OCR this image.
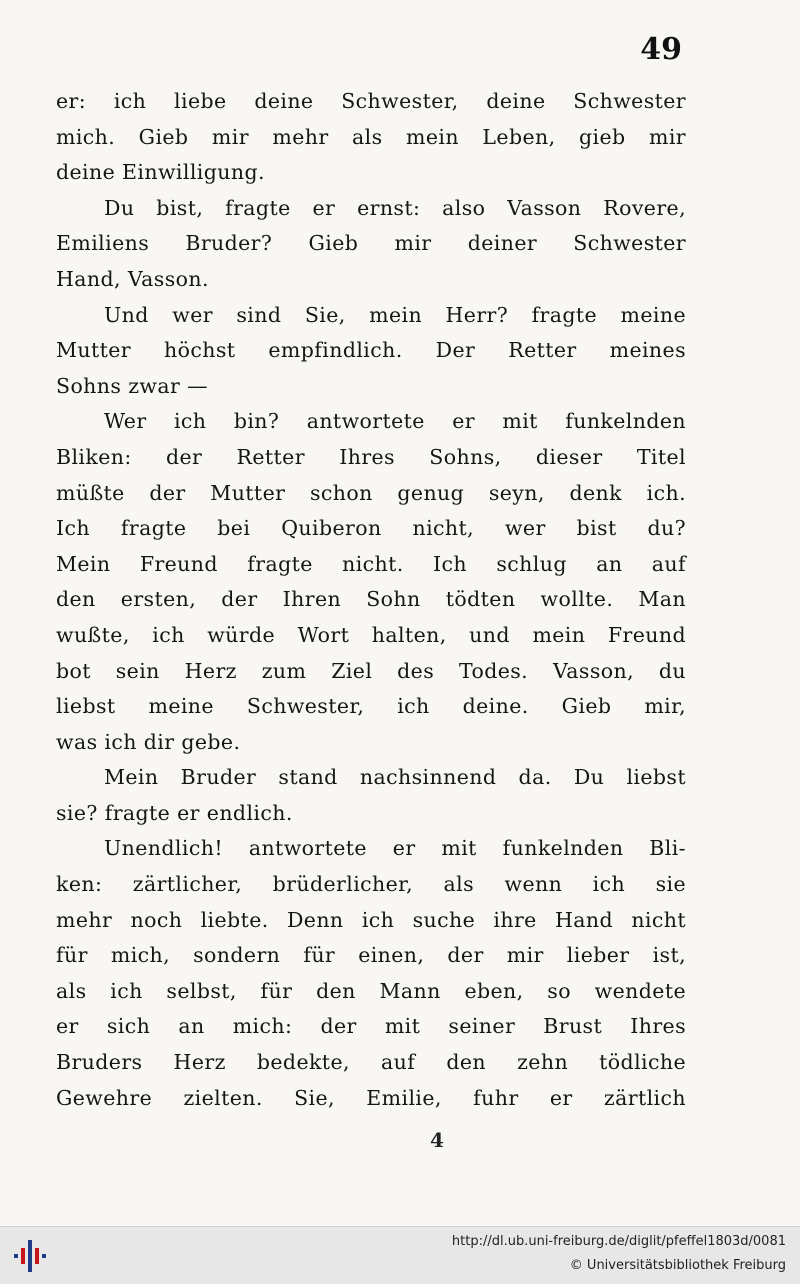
49
er: ich liebe deine Schwester, deine Schwester
mich. Gieb mir mehr als mein Leben, gieb mir
deine Einwilligung.
Du bist, fragte er ernst: also Vasson Rovere,
Emiliens Bruder? Gieb mir deiner Schwester
Hand, Vasson.
Und wer sind Sie, mein Herr? fragte meine
Mutter höchst empfindlich. Der Retter meines
Sohns zwar —
Wer ich bin? antwortete er mit funkelnden
Bliken: der Retter Ihres Sohns, dieser Titel
müßte der Mutter schon genug seyn, denk ich.
Ich fragte bei Quiberon nicht, wer bist du?
Mein Freund fragte nicht. Ich schlug an auf
den ersten, der Ihren Sohn tödten wollte. Man
wußte, ich würde Wort halten, und mein Freund
bot sein Herz zum Ziel des Todes. Vasson, du
liebst meine Schwester, ich deine. Gieb mir,
was ich dir gebe.
Mein Bruder stand nachsinnend da. Du liebst
sie? fragte er endlich.
Unendlich! antwortete er mit funkelnden Bli-
ken: zärtlicher, brüderlicher, als wenn ich sie
mehr noch liebte. Denn ich suche ihre Hand nicht
für mich, sondern für einen, der mir lieber ist,
als ich selbst, für den Mann eben, so wendete
er sich an mich: der mit seiner Brust Ihres
Bruders Herz bedekte, auf den zehn tödliche
Gewehre zielten. Sie, Emilie, fuhr er zärtlich
4
http://dl.ub.uni-freiburg.de/diglit/pfeffel1803d/0081
© Universitätsbibliothek Freiburg
